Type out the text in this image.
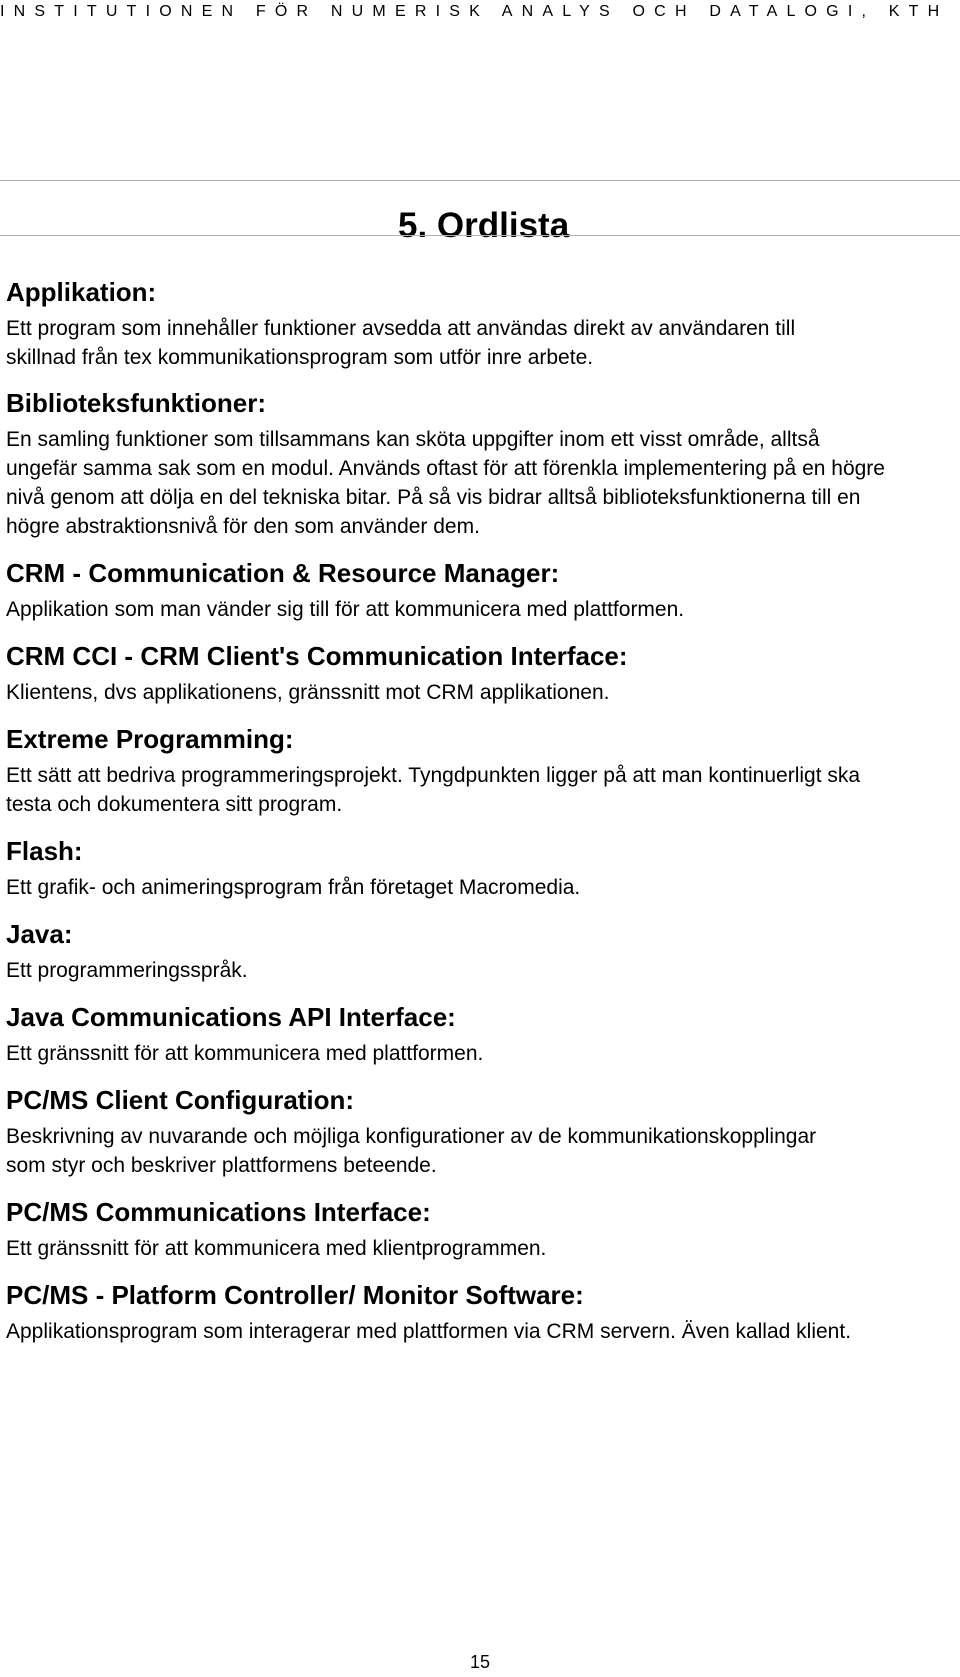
INSTITUTIONEN FÖR NUMERISK ANALYS OCH DATALOGI, KTH
5. Ordlista
Applikation:
Ett program som innehåller funktioner avsedda att användas direkt av användaren till skillnad från tex kommunikationsprogram som utför inre arbete.
Biblioteksfunktioner:
En samling funktioner som tillsammans kan sköta uppgifter inom ett visst område, alltså ungefär samma sak som en modul. Används oftast för att förenkla implementering på en högre nivå genom att dölja en del tekniska bitar. På så vis bidrar alltså biblioteksfunktionerna till en högre abstraktionsnivå för den som använder dem.
CRM - Communication & Resource Manager:
Applikation som man vänder sig till för att kommunicera med plattformen.
CRM CCI - CRM Client's Communication Interface:
Klientens, dvs applikationens, gränssnitt mot CRM applikationen.
Extreme Programming:
Ett sätt att bedriva programmeringsprojekt. Tyngdpunkten ligger på att man kontinuerligt ska testa och dokumentera sitt program.
Flash:
Ett grafik- och animeringsprogram från företaget Macromedia.
Java:
Ett programmeringsspråk.
Java Communications API Interface:
Ett gränssnitt för att kommunicera med plattformen.
PC/MS Client Configuration:
Beskrivning av nuvarande och möjliga konfigurationer av de kommunikationskopplingar som styr och beskriver plattformens beteende.
PC/MS Communications Interface:
Ett gränssnitt för att kommunicera med klientprogrammen.
PC/MS - Platform Controller/ Monitor Software:
Applikationsprogram som interagerar med plattformen via CRM servern. Även kallad klient.
15
